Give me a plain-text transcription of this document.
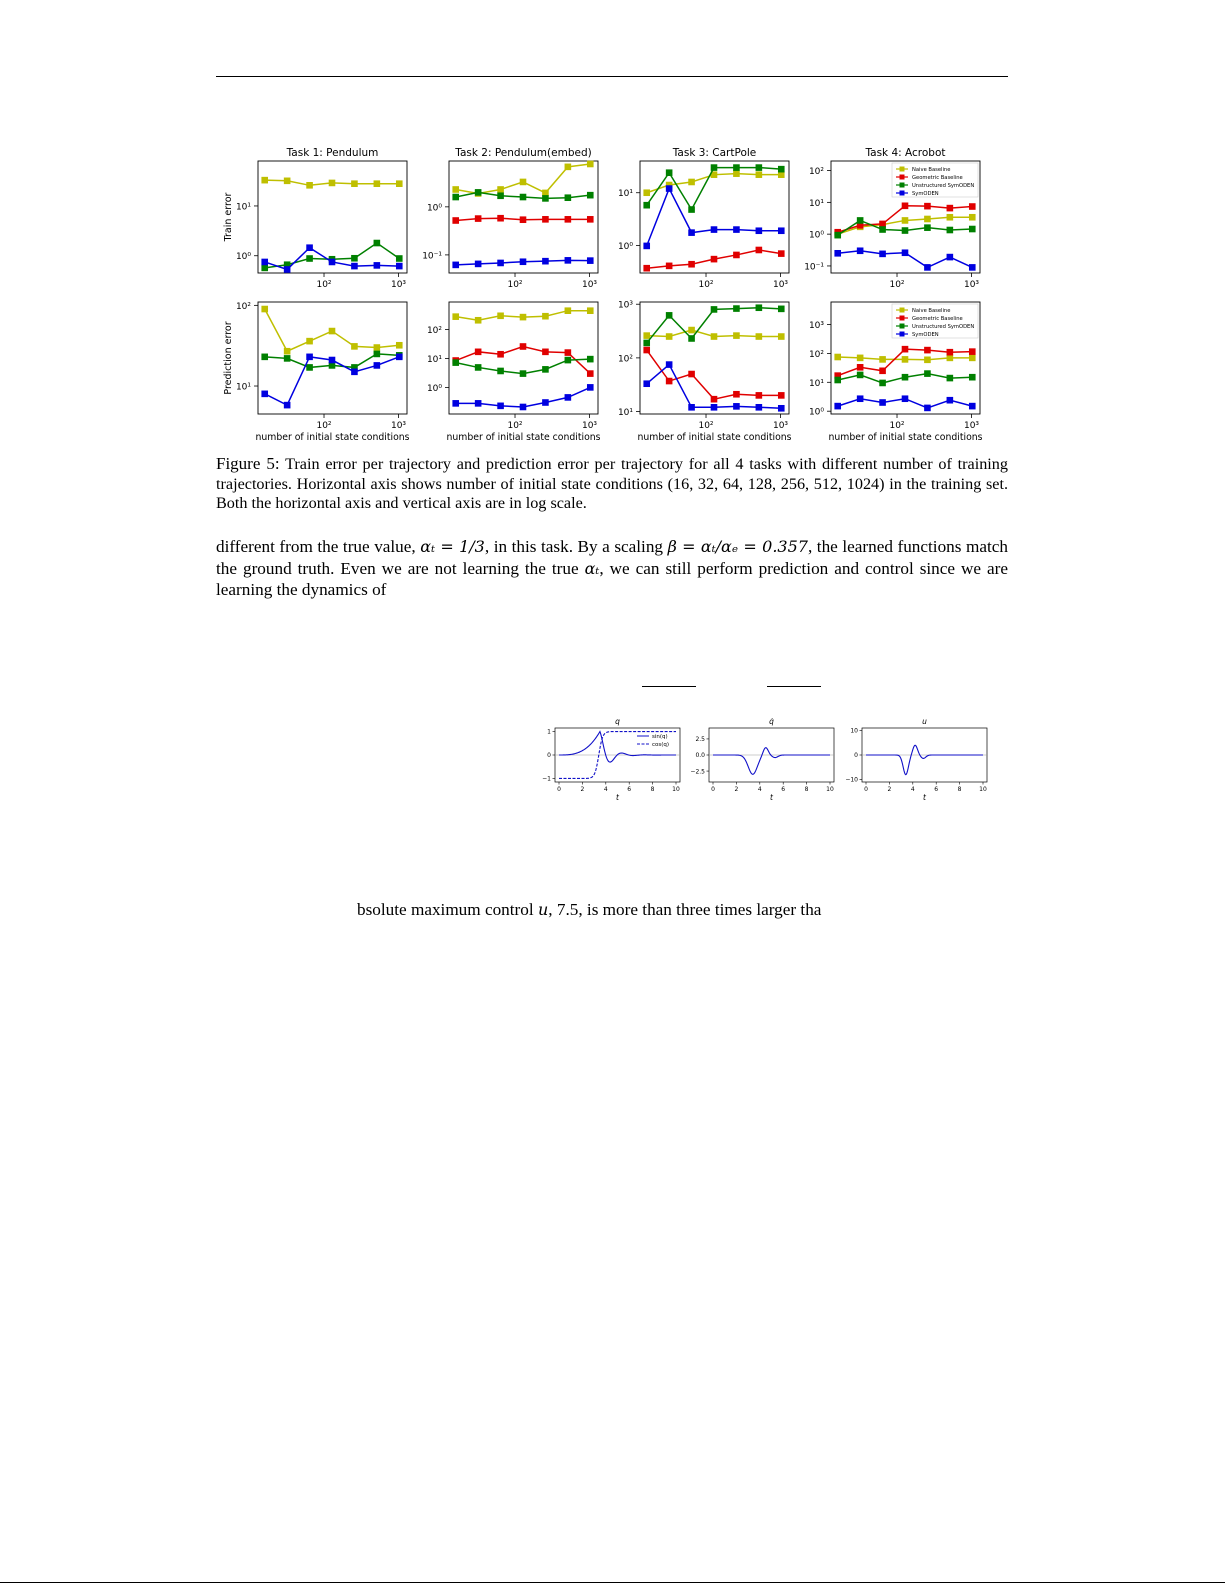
Task 1: Pendulum
Train error
10²	10³
10⁰
10¹
Task 2: Pendulum(embed)
10²	10³
10⁻¹
10⁰
Task 3: CartPole
10²	10³
10⁰
10¹
Task 4: Acrobot
10²	10³
10⁻¹
10⁰
10¹
10²	Naive Baseline
Geometric Baseline
Unstructured SymODEN
SymODEN
Prediction error
number of initial state conditions
10²	10³
10¹
10²
number of initial state conditions
10²	10³
10⁰
10¹
10²
number of initial state conditions
10²	10³
10¹
10²
10³
number of initial state conditions
10²	10³
10⁰
10¹
10²
10³
Naive Baseline
Geometric Baseline
Unstructured SymODEN
SymODEN
Figure 5: Train error per trajectory and prediction error per trajectory for all 4 tasks with different number of training trajectories. Horizontal axis shows number of initial state conditions (16, 32, 64, 128, 256, 512, 1024) in the training set. Both the horizontal axis and vertical axis are in log scale.
different from the true value, αₜ = 1/3, in this task. By a scaling β = αₜ/αₑ = 0.357, the learned functions match the ground truth. Even we are not learning the true αₜ, we can still perform prediction and control since we are learning the dynamics of
q
t
0	2	4	6	8	10
1
0
−1
sin(q)
cos(q)
q̇
t
0	2	4	6	8	10
2.5
0.0
−2.5
u
t
0	2	4	6	8	10
10
0
−10
bsolute maximum control u, 7.5, is more than three times larger tha
